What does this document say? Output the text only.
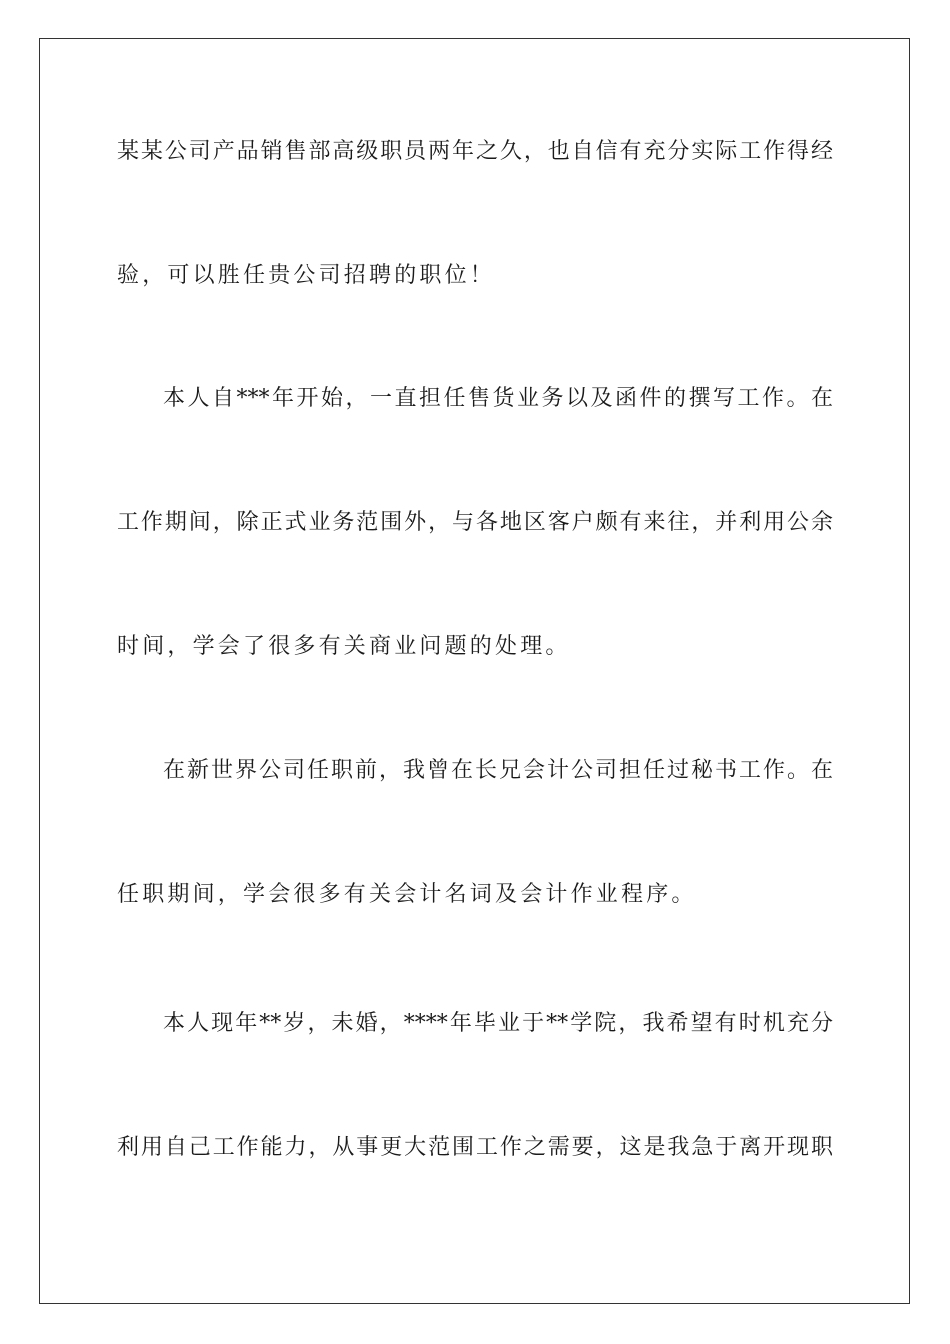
某某公司产品销售部高级职员两年之久，也自信有充分实际工作得经
验，可以胜任贵公司招聘的职位！
本人自***年开始，一直担任售货业务以及函件的撰写工作。在
工作期间，除正式业务范围外，与各地区客户颇有来往，并利用公余
时间，学会了很多有关商业问题的处理。
在新世界公司任职前，我曾在长兄会计公司担任过秘书工作。在
任职期间，学会很多有关会计名词及会计作业程序。
本人现年**岁，未婚，****年毕业于**学院，我希望有时机充分
利用自己工作能力，从事更大范围工作之需要，这是我急于离开现职
